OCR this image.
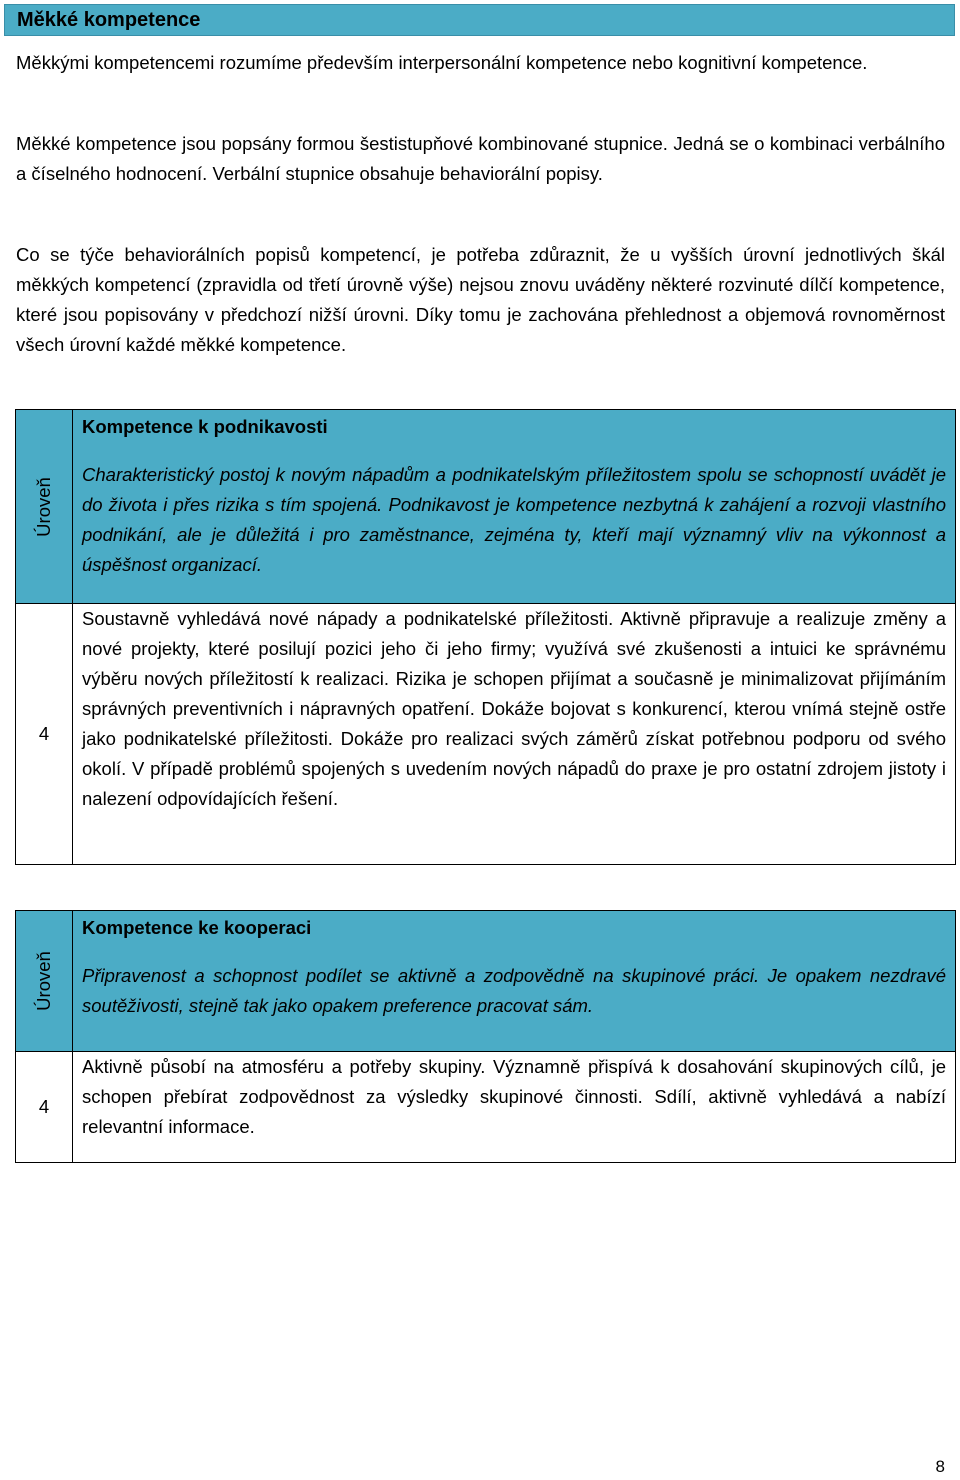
Měkké kompetence

Měkkými kompetencemi rozumíme především interpersonální kompetence nebo kognitivní kompetence.

Měkké kompetence jsou popsány formou šestistupňové kombinované stupnice. Jedná se o kombinaci verbálního a číselného hodnocení. Verbální stupnice obsahuje behaviorální popisy.

Co se týče behaviorálních popisů kompetencí, je potřeba zdůraznit, že u vyšších úrovní jednotlivých škál měkkých kompetencí (zpravidla od třetí úrovně výše) nejsou znovu uváděny některé rozvinuté dílčí kompetence, které jsou popisovány v předchozí nižší úrovni. Díky tomu je zachována přehlednost a objemová rovnoměrnost všech úrovní každé měkké kompetence.

Úroveň	Kompetence k podnikavosti

Charakteristický postoj k novým nápadům a podnikatelským příležitostem spolu se schopností uvádět je do života i přes rizika s tím spojená. Podnikavost je kompetence nezbytná k zahájení a rozvoji vlastního podnikání, ale je důležitá i pro zaměstnance, zejména ty, kteří mají významný vliv na výkonnost a úspěšnost organizací.

4	Soustavně vyhledává nové nápady a podnikatelské příležitosti. Aktivně připravuje a realizuje změny a nové projekty, které posilují pozici jeho či jeho firmy; využívá své zkušenosti a intuici ke správnému výběru nových příležitostí k realizaci. Rizika je schopen přijímat a současně je minimalizovat přijímáním správných preventivních i nápravných opatření. Dokáže bojovat s konkurencí, kterou vnímá stejně ostře jako podnikatelské příležitosti. Dokáže pro realizaci svých záměrů získat potřebnou podporu od svého okolí. V případě problémů spojených s uvedením nových nápadů do praxe je pro ostatní zdrojem jistoty i nalezení odpovídajících řešení.

Úroveň	Kompetence ke kooperaci

Připravenost a schopnost podílet se aktivně a zodpovědně na skupinové práci. Je opakem nezdravé soutěživosti, stejně tak jako opakem preference pracovat sám.

4	Aktivně působí na atmosféru a potřeby skupiny. Významně přispívá k dosahování skupinových cílů, je schopen přebírat zodpovědnost za výsledky skupinové činnosti. Sdílí, aktivně vyhledává a nabízí relevantní informace.

8
